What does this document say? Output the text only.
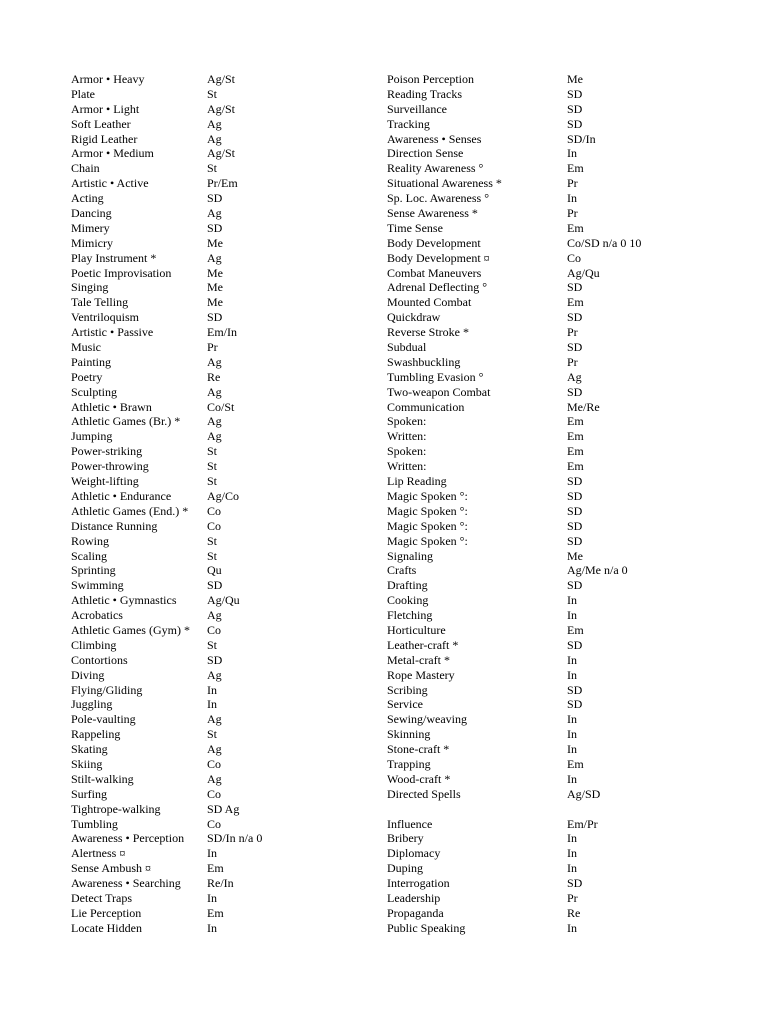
Armor • Heavy	Ag/St
Plate	St
Armor • Light	Ag/St
Soft Leather	Ag
Rigid Leather	Ag
Armor • Medium	Ag/St
Chain	St
Artistic • Active	Pr/Em
Acting	SD
Dancing	Ag
Mimery	SD
Mimicry	Me
Play Instrument *	Ag
Poetic Improvisation	Me
Singing	Me
Tale Telling	Me
Ventriloquism	SD
Artistic • Passive	Em/In
Music	Pr
Painting	Ag
Poetry	Re
Sculpting	Ag
Athletic • Brawn	Co/St
Athletic Games (Br.) *	Ag
Jumping	Ag
Power-striking	St
Power-throwing	St
Weight-lifting	St
Athletic • Endurance	Ag/Co
Athletic Games (End.) *	Co
Distance Running	Co
Rowing	St
Scaling	St
Sprinting	Qu
Swimming	SD
Athletic • Gymnastics	Ag/Qu
Acrobatics	Ag
Athletic Games (Gym) *	Co
Climbing	St
Contortions	SD
Diving	Ag
Flying/Gliding	In
Juggling	In
Pole-vaulting	Ag
Rappeling	St
Skating	Ag
Skiing	Co
Stilt-walking	Ag
Surfing	Co
Tightrope-walking	SD Ag
Tumbling	Co
Awareness • Perception	SD/In n/a 0
Alertness ¤	In
Sense Ambush ¤	Em
Awareness • Searching	Re/In
Detect Traps	In
Lie Perception	Em
Locate Hidden	In
Poison Perception	Me
Reading Tracks	SD
Surveillance	SD
Tracking	SD
Awareness • Senses	SD/In
Direction Sense	In
Reality Awareness °	Em
Situational Awareness *	Pr
Sp. Loc. Awareness °	In
Sense Awareness *	Pr
Time Sense	Em
Body Development	Co/SD n/a 0 10
Body Development ¤	Co
Combat Maneuvers	Ag/Qu
Adrenal Deflecting °	SD
Mounted Combat	Em
Quickdraw	SD
Reverse Stroke *	Pr
Subdual	SD
Swashbuckling	Pr
Tumbling Evasion °	Ag
Two-weapon Combat	SD
Communication	Me/Re
Spoken:	Em
Written:	Em
Spoken:	Em
Written:	Em
Lip Reading	SD
Magic Spoken °:	SD
Magic Spoken °:	SD
Magic Spoken °:	SD
Magic Spoken °:	SD
Signaling	Me
Crafts	Ag/Me n/a 0
Drafting	SD
Cooking	In
Fletching	In
Horticulture	Em
Leather-craft *	SD
Metal-craft *	In
Rope Mastery	In
Scribing	SD
Service	SD
Sewing/weaving	In
Skinning	In
Stone-craft *	In
Trapping	Em
Wood-craft *	In
Directed Spells	Ag/SD
Influence	Em/Pr
Bribery	In
Diplomacy	In
Duping	In
Interrogation	SD
Leadership	Pr
Propaganda	Re
Public Speaking	In
